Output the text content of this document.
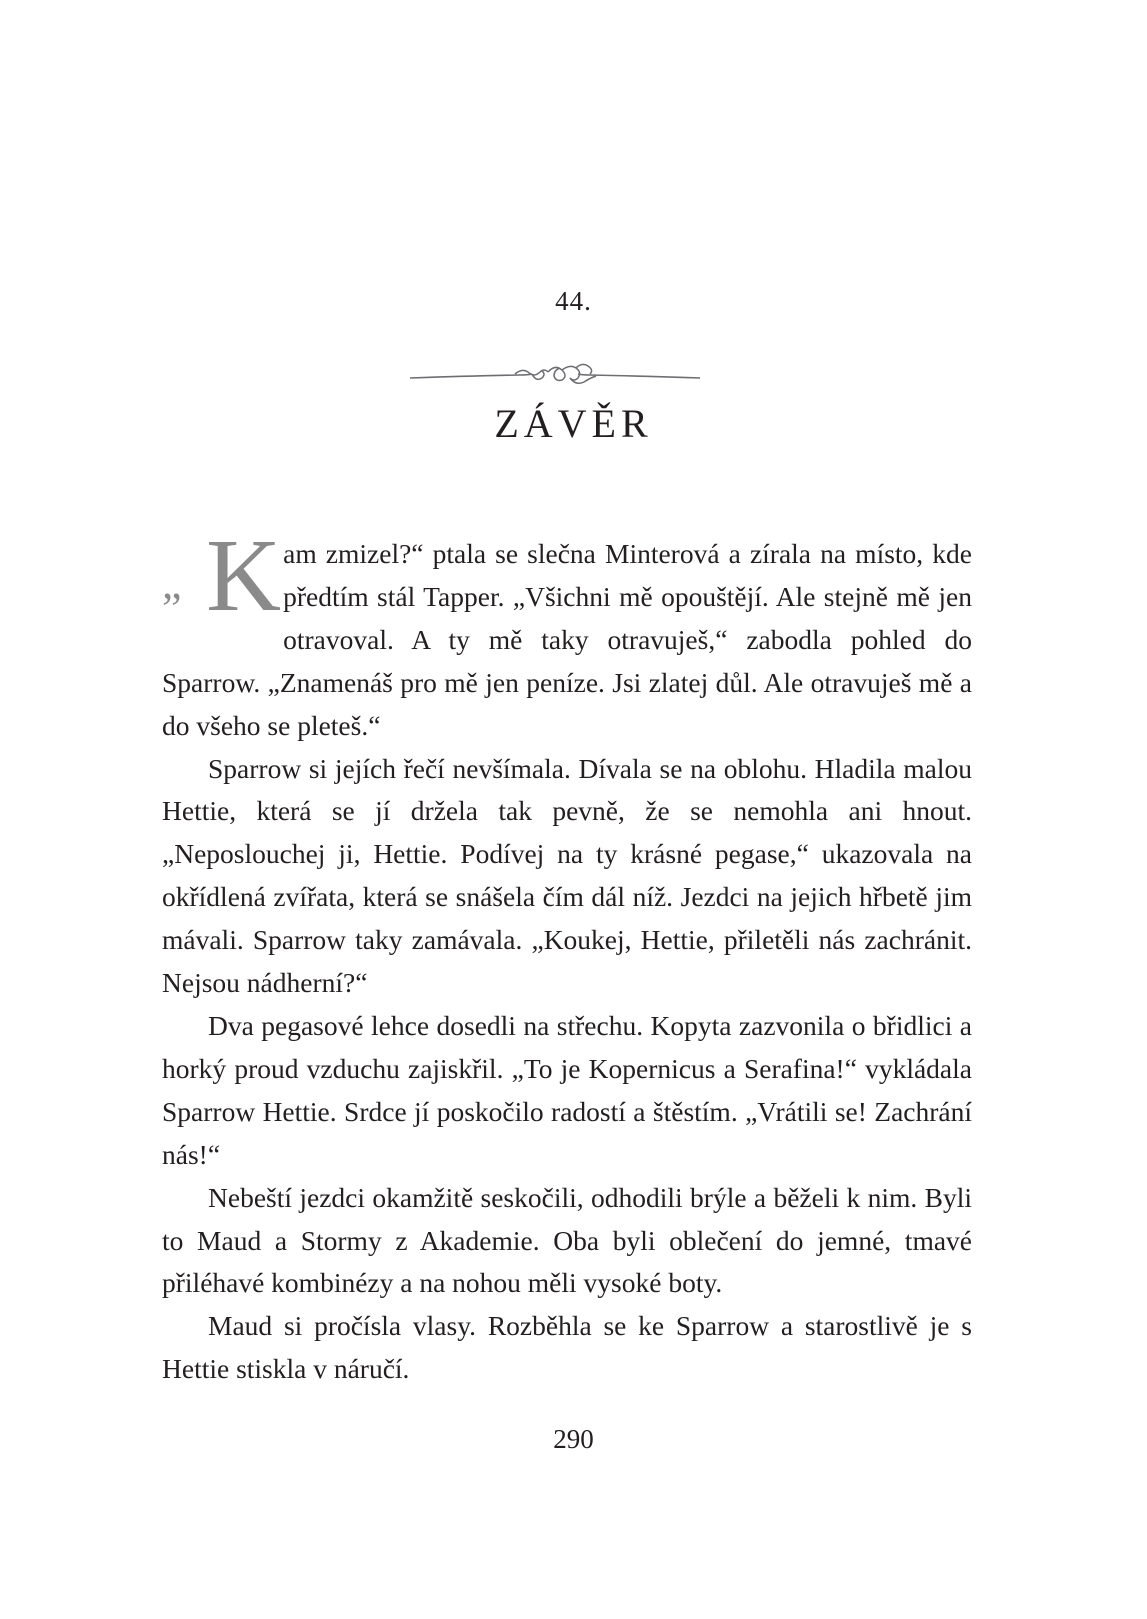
44.
ZÁVĚR

„ K am zmizel?“ ptala se slečna Minterová a zírala na místo, kde předtím stál Tapper. „Všichni mě opouštějí. Ale stejně mě jen otravoval. A ty mě taky otravuješ,“ zabodla pohled do Sparrow. „Znamenáš pro mě jen peníze. Jsi zlatej důl. Ale otravuješ mě a do všeho se pleteš.“

Sparrow si jejích řečí nevšímala. Dívala se na oblohu. Hladila malou Hettie, která se jí držela tak pevně, že se nemohla ani hnout. „Neposlouchej ji, Hettie. Podívej na ty krásné pegase,“ ukazovala na okřídlená zvířata, která se snášela čím dál níž. Jezdci na jejich hřbetě jim mávali. Sparrow taky zamávala. „Koukej, Hettie, přiletěli nás zachránit. Nejsou nádherní?“

Dva pegasové lehce dosedli na střechu. Kopyta zazvonila o břidlici a horký proud vzduchu zajiskřil. „To je Kopernicus a Serafina!“ vykládala Sparrow Hettie. Srdce jí poskočilo radostí a štěstím. „Vrátili se! Zachrání nás!“

Nebeští jezdci okamžitě seskočili, odhodili brýle a běželi k nim. Byli to Maud a Stormy z Akademie. Oba byli oblečení do jemné, tmavé přiléhavé kombinézy a na nohou měli vysoké boty.

Maud si pročísla vlasy. Rozběhla se ke Sparrow a starostlivě je s Hettie stiskla v náručí.

290
